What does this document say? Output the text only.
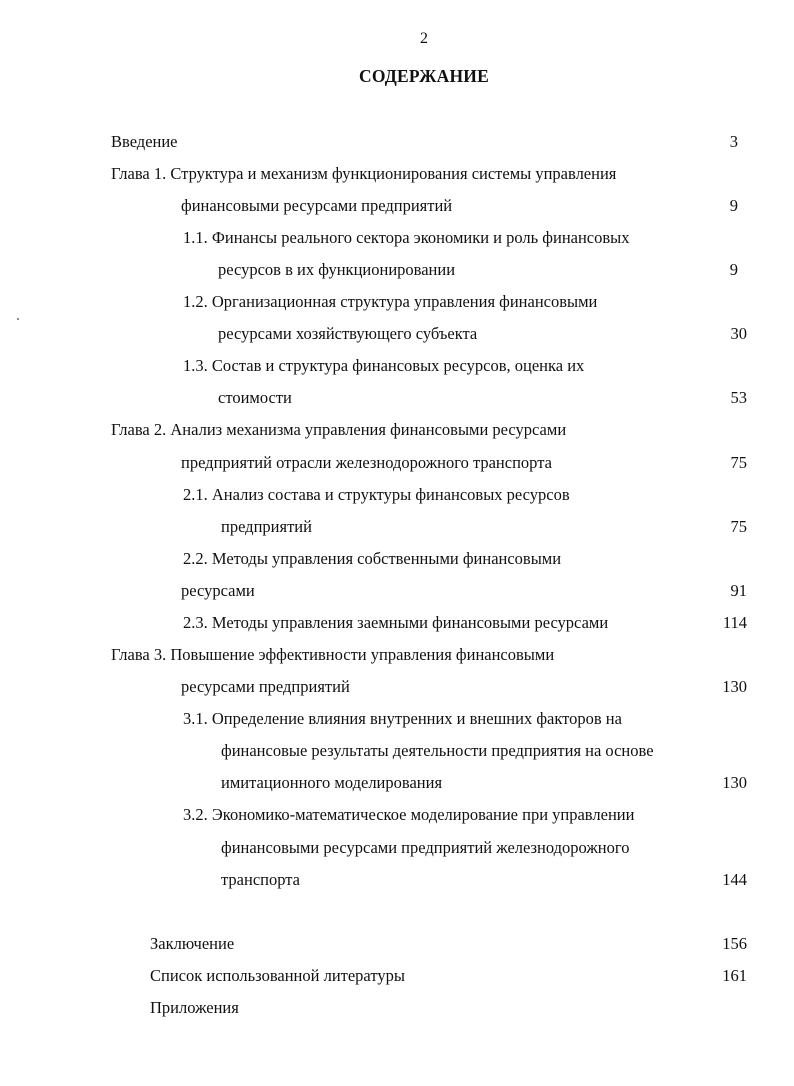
2
СОДЕРЖАНИЕ
Введение	3
Глава 1. Структура и механизм функционирования системы управления
финансовыми ресурсами предприятий	9
1.1. Финансы реального сектора экономики и роль финансовых
ресурсов в их функционировании	9
1.2. Организационная структура управления финансовыми
ресурсами хозяйствующего субъекта	30
1.3. Состав и структура финансовых ресурсов, оценка их
стоимости	53
Глава 2. Анализ механизма управления финансовыми ресурсами
предприятий отрасли железнодорожного транспорта	75
2.1. Анализ состава и структуры финансовых ресурсов
предприятий	75
2.2. Методы управления собственными финансовыми
ресурсами	91
2.3. Методы управления заемными финансовыми ресурсами	114
Глава 3. Повышение эффективности управления финансовыми
ресурсами предприятий	130
3.1. Определение влияния внутренних и внешних факторов на
финансовые результаты деятельности предприятия на основе
имитационного моделирования	130
3.2. Экономико-математическое моделирование при управлении
финансовыми ресурсами предприятий железнодорожного
транспорта	144
Заключение	156
Список использованной литературы	161
Приложения
